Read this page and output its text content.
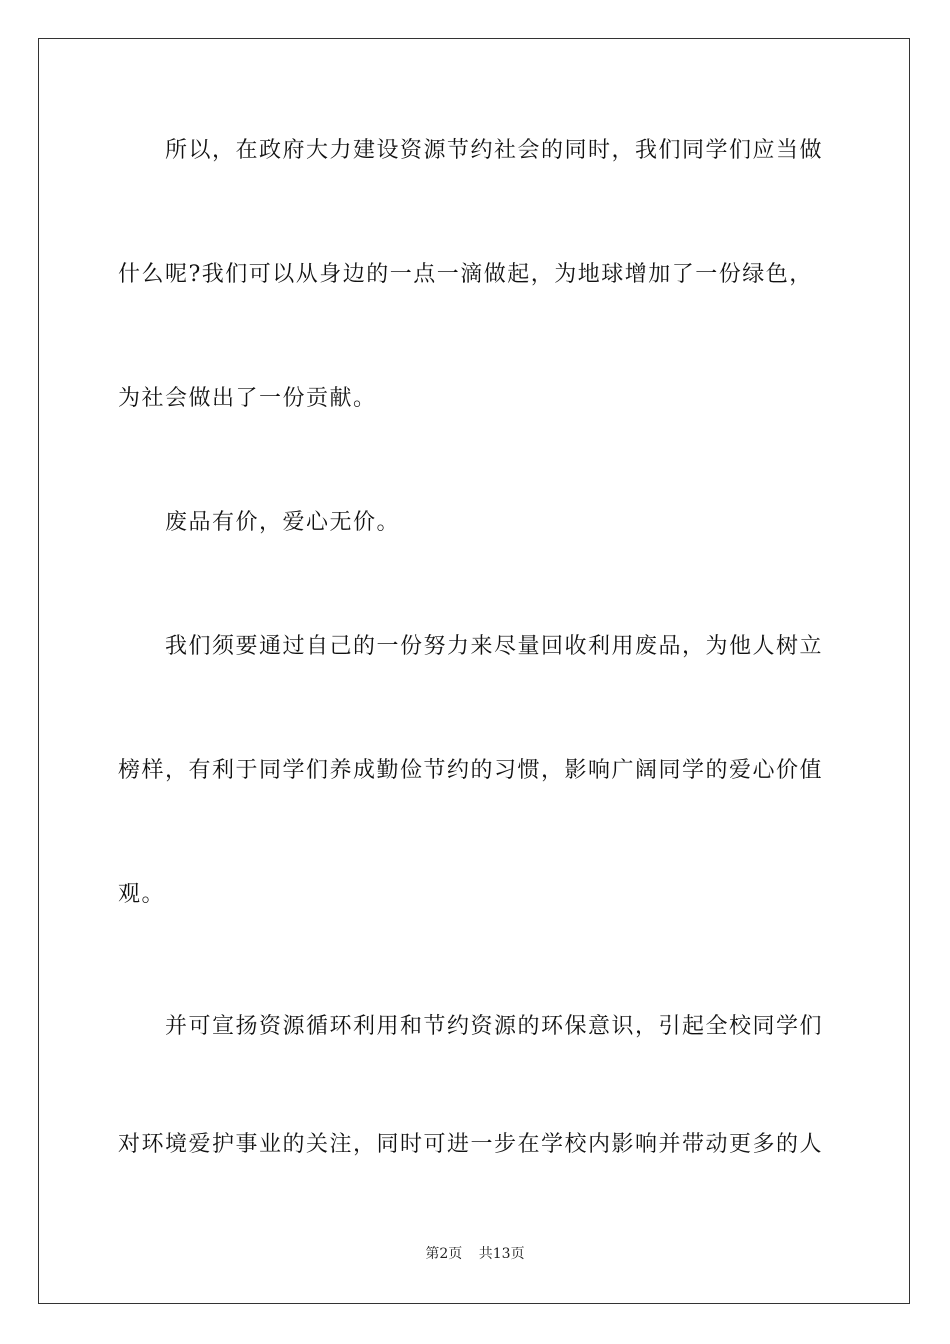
所以，在政府大力建设资源节约社会的同时，我们同学们应当做
什么呢?我们可以从身边的一点一滴做起，为地球增加了一份绿色，
为社会做出了一份贡献。
废品有价，爱心无价。
我们须要通过自己的一份努力来尽量回收利用废品，为他人树立
榜样，有利于同学们养成勤俭节约的习惯，影响广阔同学的爱心价值
观。
并可宣扬资源循环利用和节约资源的环保意识，引起全校同学们
对环境爱护事业的关注，同时可进一步在学校内影响并带动更多的人
第2页 共13页
